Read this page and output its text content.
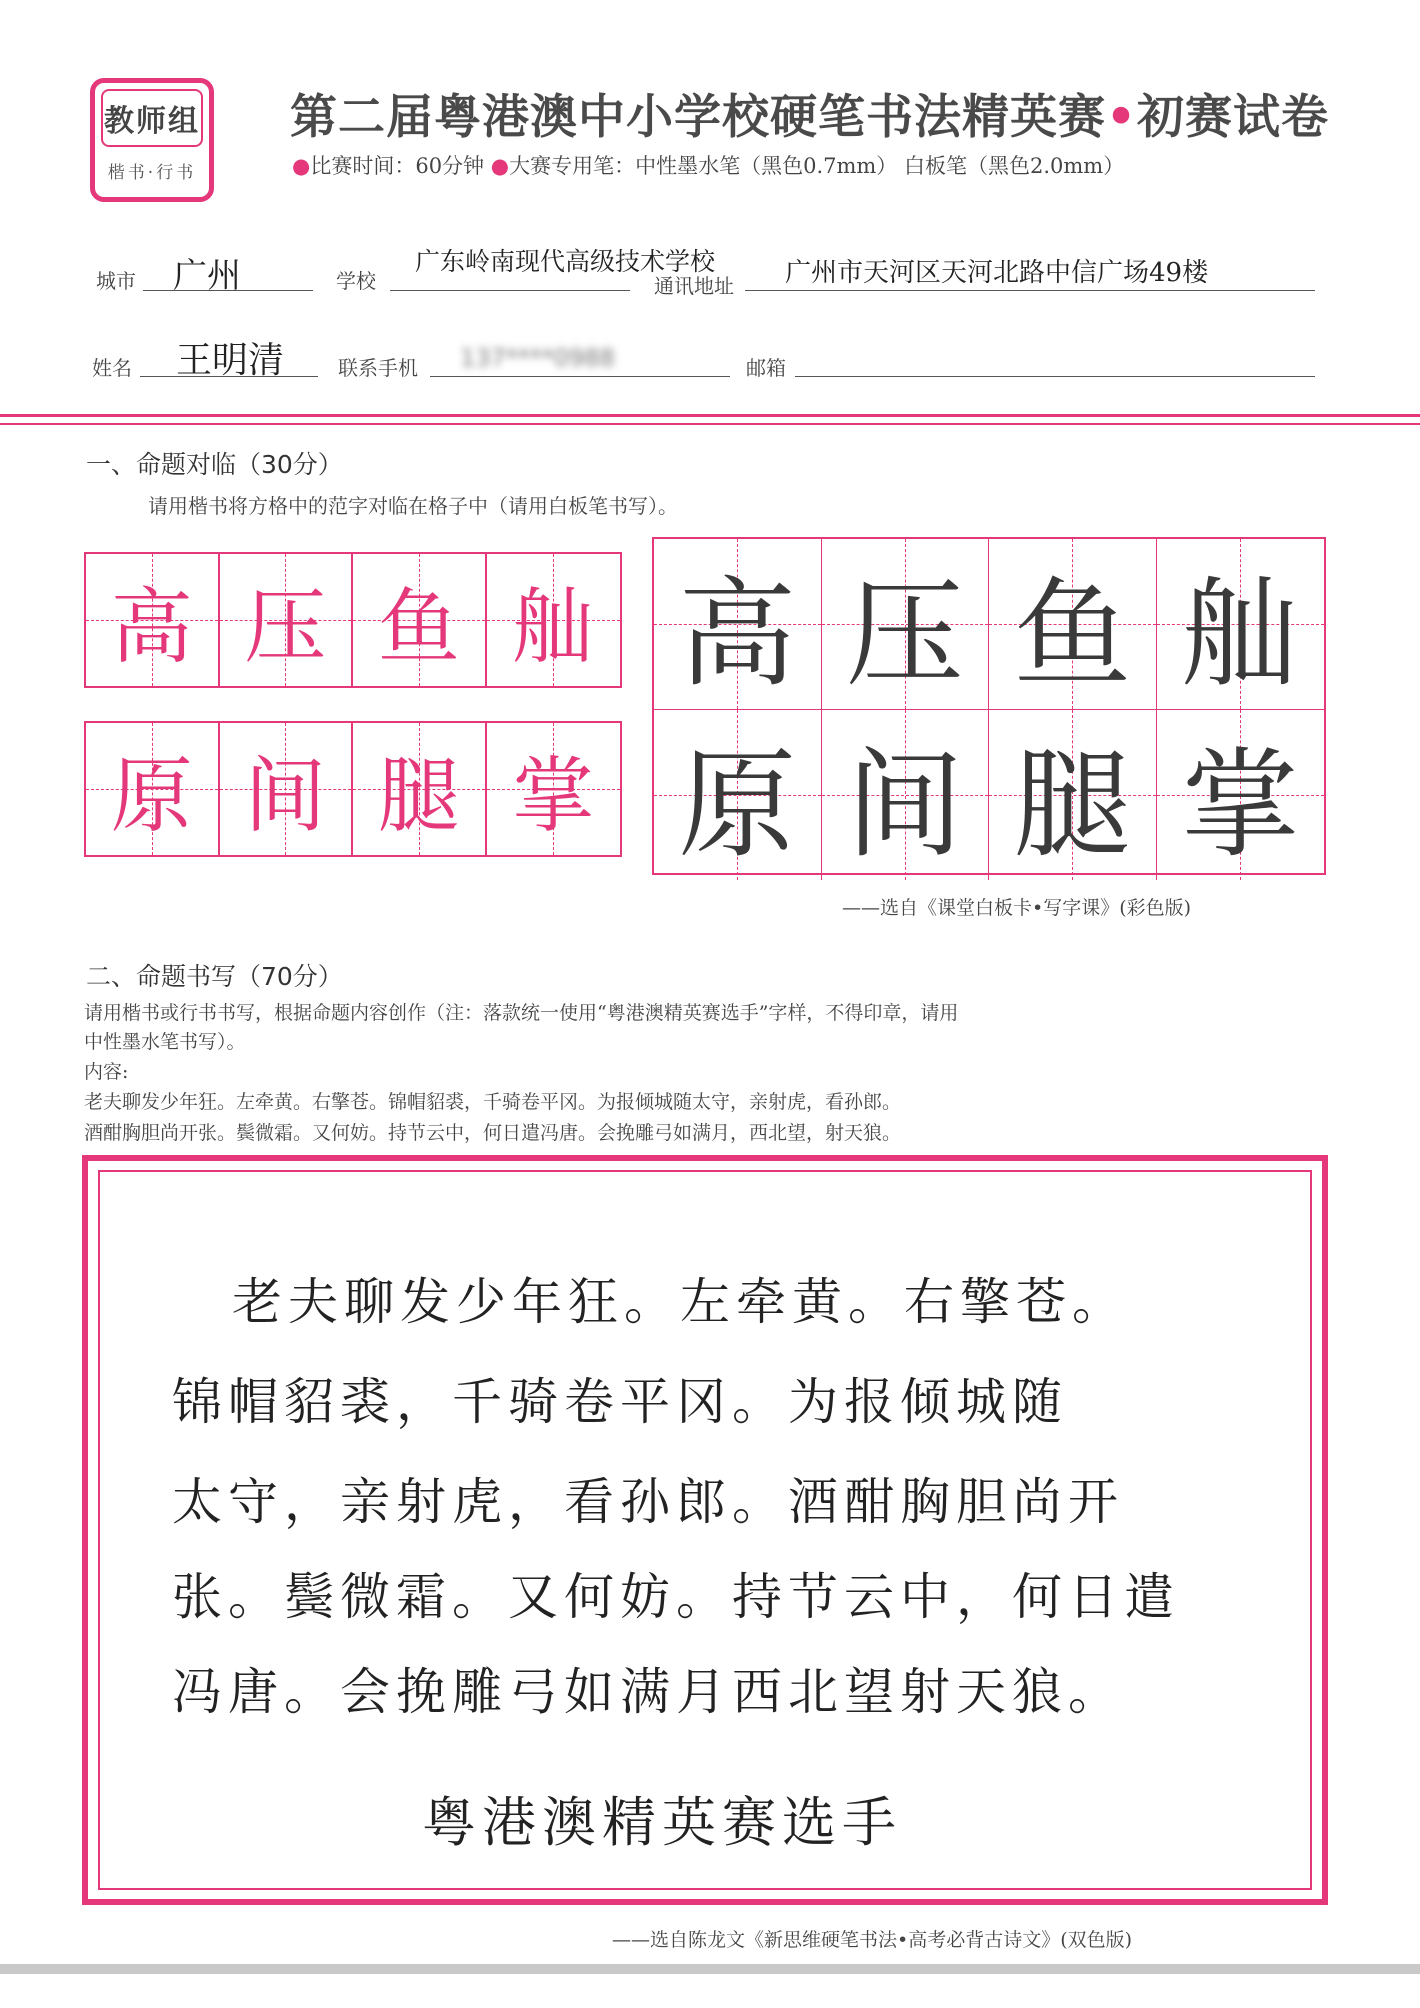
教师组
楷书·行书
第二届粤港澳中小学校硬笔书法精英赛•初赛试卷
●比赛时间：60分钟 ●大赛专用笔：中性墨水笔（黑色0.7mm） 白板笔（黑色2.0mm）
城市 广州	学校
广东岭南现代高级技术学校
通讯地址 广州市天河区天河北路中信广场49楼
姓名 王明清	联系手机 137****0988	邮箱
一、命题对临（30分）
请用楷书将方格中的范字对临在格子中（请用白板笔书写）。
高 压 鱼 舢
原 间 腿 掌
高 压 鱼 舢
原 间 腿 掌
——选自《课堂白板卡•写字课》(彩色版)
二、命题书写（70分）
请用楷书或行书书写，根据命题内容创作（注：落款统一使用“粤港澳精英赛选手”字样，不得印章，请用
中性墨水笔书写）。
内容:
老夫聊发少年狂。左牵黄。右擎苍。锦帽貂裘，千骑卷平冈。为报倾城随太守，亲射虎，看孙郎。
酒酣胸胆尚开张。鬓微霜。又何妨。持节云中，何日遣冯唐。会挽雕弓如满月，西北望，射天狼。
老夫聊发少年狂。左牵黄。右擎苍。
锦帽貂裘，千骑卷平冈。为报倾城随
太守，亲射虎，看孙郎。酒酣胸胆尚开
张。鬓微霜。又何妨。持节云中，何日遣
冯唐。会挽雕弓如满月西北望射天狼。
粤港澳精英赛选手
——选自陈龙文《新思维硬笔书法•高考必背古诗文》(双色版)
